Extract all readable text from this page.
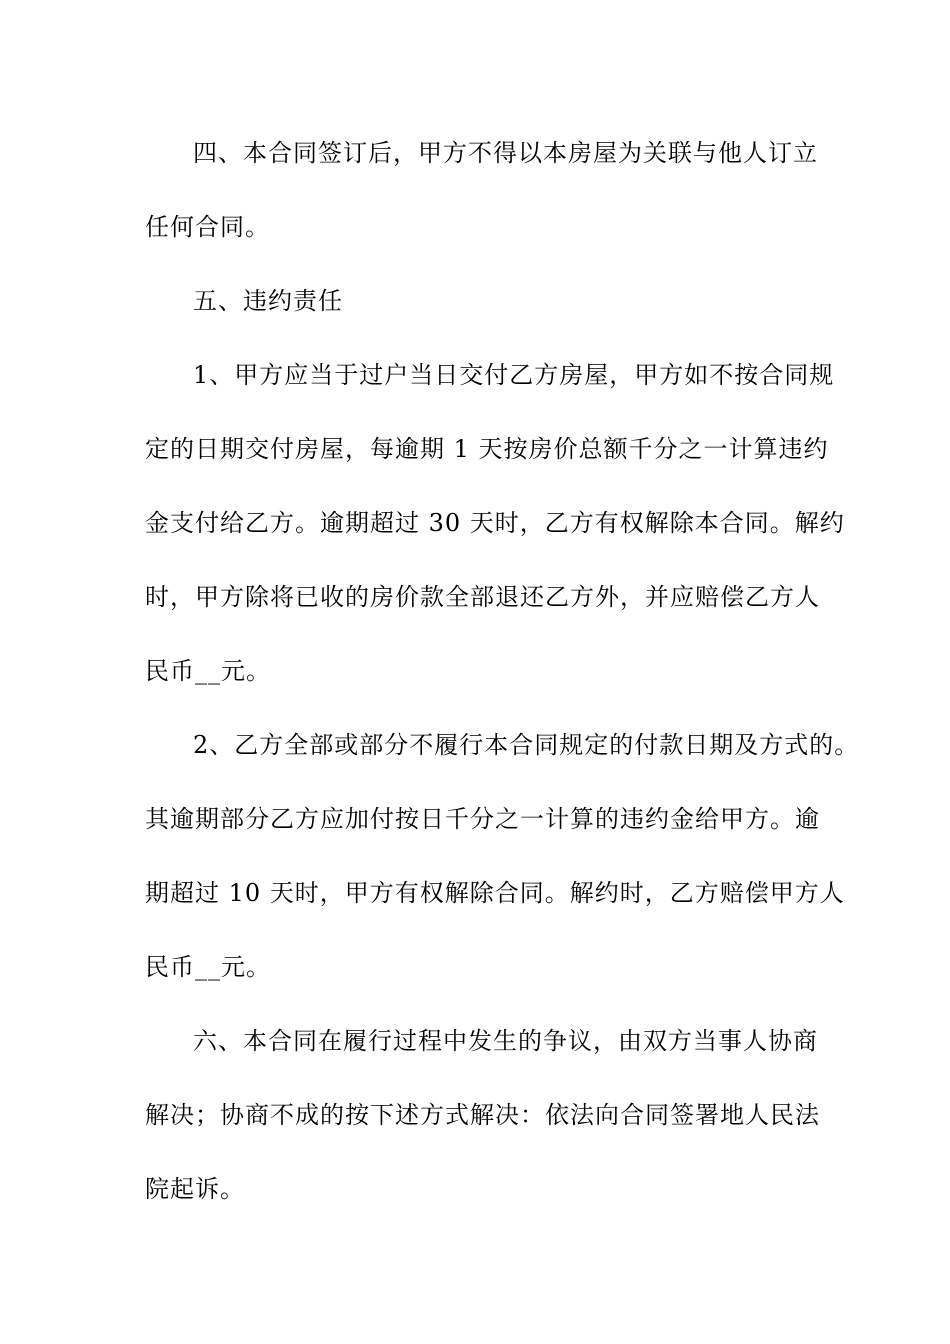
四、本合同签订后，甲方不得以本房屋为关联与他人订立
任何合同。
五、违约责任
1、甲方应当于过户当日交付乙方房屋，甲方如不按合同规
定的日期交付房屋，每逾期 1 天按房价总额千分之一计算违约
金支付给乙方。逾期超过 30 天时，乙方有权解除本合同。解约
时，甲方除将已收的房价款全部退还乙方外，并应赔偿乙方人
民币__元。
2、乙方全部或部分不履行本合同规定的付款日期及方式的。
其逾期部分乙方应加付按日千分之一计算的违约金给甲方。逾
期超过 10 天时，甲方有权解除合同。解约时，乙方赔偿甲方人
民币__元。
六、本合同在履行过程中发生的争议，由双方当事人协商
解决；协商不成的按下述方式解决：依法向合同签署地人民法
院起诉。
